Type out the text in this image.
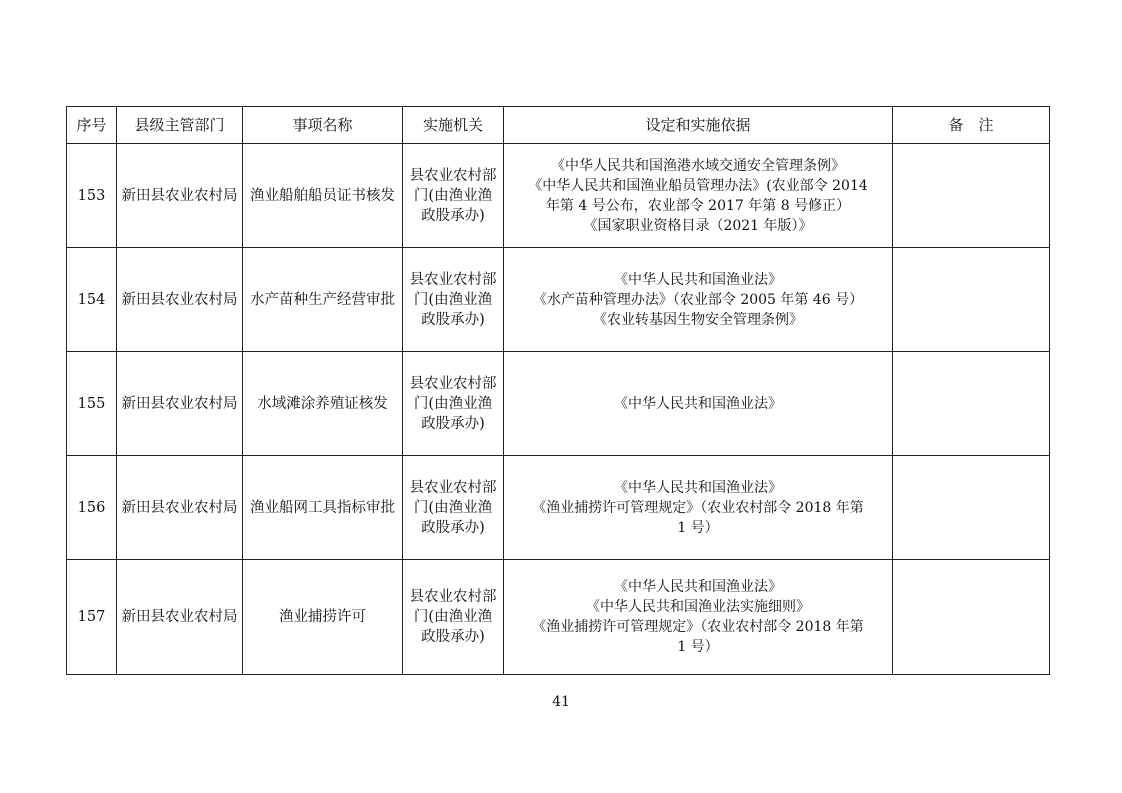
序号	县级主管部门	事项名称	实施机关	设定和实施依据	备　注
153	新田县农业农村局	渔业船舶船员证书核发	县农业农村部门(由渔业渔政股承办)	《中华人民共和国渔港水域交通安全管理条例》
《中华人民共和国渔业船员管理办法》(农业部令 2014
年第 4 号公布，农业部令 2017 年第 8 号修正）
《国家职业资格目录（2021 年版）》	

154	新田县农业农村局	水产苗种生产经营审批	县农业农村部门(由渔业渔政股承办)	《中华人民共和国渔业法》
《水产苗种管理办法》（农业部令 2005 年第 46 号）
《农业转基因生物安全管理条例》	

155	新田县农业农村局	水域滩涂养殖证核发	县农业农村部门(由渔业渔政股承办)	《中华人民共和国渔业法》	

156	新田县农业农村局	渔业船网工具指标审批	县农业农村部门(由渔业渔政股承办)	《中华人民共和国渔业法》
《渔业捕捞许可管理规定》（农业农村部令 2018 年第
1 号）	

157	新田县农业农村局	渔业捕捞许可	县农业农村部门(由渔业渔政股承办)	《中华人民共和国渔业法》
《中华人民共和国渔业法实施细则》
《渔业捕捞许可管理规定》（农业农村部令 2018 年第
1 号）	

41
